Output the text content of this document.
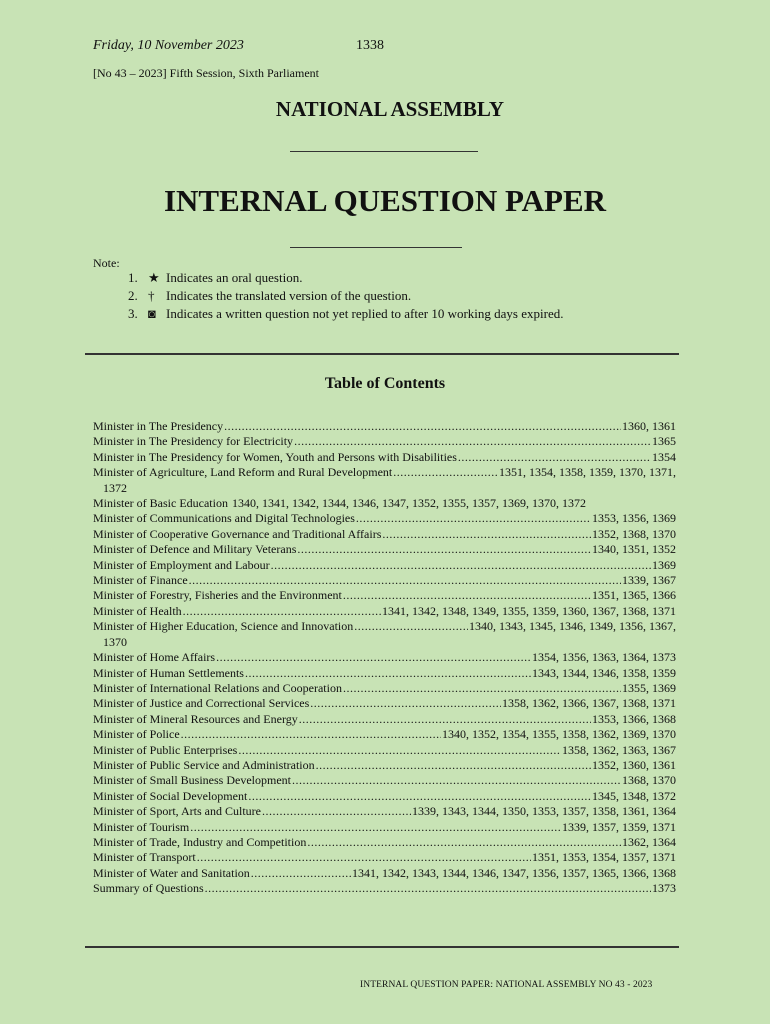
Friday, 10 November 2023	1338
[No 43 – 2023] Fifth Session, Sixth Parliament
NATIONAL ASSEMBLY
INTERNAL QUESTION PAPER
Note:
1. ★ Indicates an oral question.
2. † Indicates the translated version of the question.
3. ◙ Indicates a written question not yet replied to after 10 working days expired.
Table of Contents
Minister in The Presidency .....	1360, 1361
Minister in The Presidency for Electricity .....	1365
Minister in The Presidency for Women, Youth and Persons with Disabilities .....	1354
Minister of Agriculture, Land Reform and Rural Development .....	1351, 1354, 1358, 1359, 1370, 1371,
1372
Minister of Basic Education 1340, 1341, 1342, 1344, 1346, 1347, 1352, 1355, 1357, 1369, 1370, 1372
Minister of Communications and Digital Technologies .....	1353, 1356, 1369
Minister of Cooperative Governance and Traditional Affairs .....	1352, 1368, 1370
Minister of Defence and Military Veterans .....	1340, 1351, 1352
Minister of Employment and Labour .....	1369
Minister of Finance .....	1339, 1367
Minister of Forestry, Fisheries and the Environment .....	1351, 1365, 1366
Minister of Health .....	1341, 1342, 1348, 1349, 1355, 1359, 1360, 1367, 1368, 1371
Minister of Higher Education, Science and Innovation .....	1340, 1343, 1345, 1346, 1349, 1356, 1367,
1370
Minister of Home Affairs .....	1354, 1356, 1363, 1364, 1373
Minister of Human Settlements .....	1343, 1344, 1346, 1358, 1359
Minister of International Relations and Cooperation .....	1355, 1369
Minister of Justice and Correctional Services .....	1358, 1362, 1366, 1367, 1368, 1371
Minister of Mineral Resources and Energy .....	1353, 1366, 1368
Minister of Police .....	1340, 1352, 1354, 1355, 1358, 1362, 1369, 1370
Minister of Public Enterprises .....	1358, 1362, 1363, 1367
Minister of Public Service and Administration .....	1352, 1360, 1361
Minister of Small Business Development .....	1368, 1370
Minister of Social Development .....	1345, 1348, 1372
Minister of Sport, Arts and Culture .....	1339, 1343, 1344, 1350, 1353, 1357, 1358, 1361, 1364
Minister of Tourism .....	1339, 1357, 1359, 1371
Minister of Trade, Industry and Competition .....	1362, 1364
Minister of Transport .....	1351, 1353, 1354, 1357, 1371
Minister of Water and Sanitation .....	1341, 1342, 1343, 1344, 1346, 1347, 1356, 1357, 1365, 1366, 1368
Summary of Questions .....	1373
INTERNAL QUESTION PAPER: NATIONAL ASSEMBLY NO 43 - 2023
